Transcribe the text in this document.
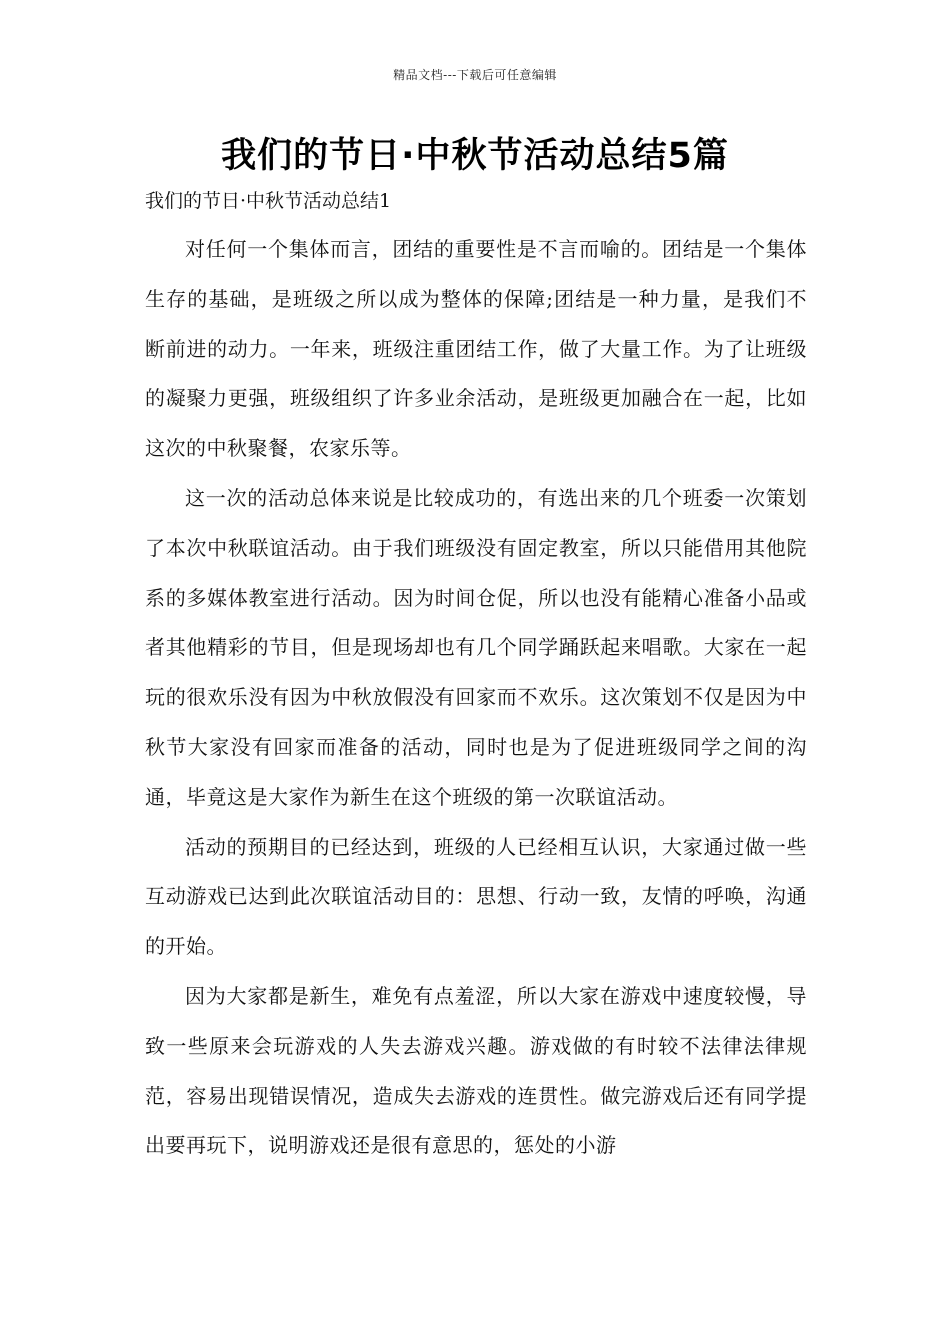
精品文档---下载后可任意编辑
我们的节日·中秋节活动总结5篇
我们的节日·中秋节活动总结1

对任何一个集体而言，团结的重要性是不言而喻的。团结是一个集体生存的基础，是班级之所以成为整体的保障;团结是一种力量，是我们不断前进的动力。一年来，班级注重团结工作，做了大量工作。为了让班级的凝聚力更强，班级组织了许多业余活动，是班级更加融合在一起，比如这次的中秋聚餐，农家乐等。

这一次的活动总体来说是比较成功的，有选出来的几个班委一次策划了本次中秋联谊活动。由于我们班级没有固定教室，所以只能借用其他院系的多媒体教室进行活动。因为时间仓促，所以也没有能精心准备小品或者其他精彩的节目，但是现场却也有几个同学踊跃起来唱歌。大家在一起玩的很欢乐没有因为中秋放假没有回家而不欢乐。这次策划不仅是因为中秋节大家没有回家而准备的活动，同时也是为了促进班级同学之间的沟通，毕竟这是大家作为新生在这个班级的第一次联谊活动。

活动的预期目的已经达到，班级的人已经相互认识，大家通过做一些互动游戏已达到此次联谊活动目的：思想、行动一致，友情的呼唤，沟通的开始。

因为大家都是新生，难免有点羞涩，所以大家在游戏中速度较慢，导致一些原来会玩游戏的人失去游戏兴趣。游戏做的有时较不法律法律规范，容易出现错误情况，造成失去游戏的连贯性。做完游戏后还有同学提出要再玩下，说明游戏还是很有意思的，惩处的小游
